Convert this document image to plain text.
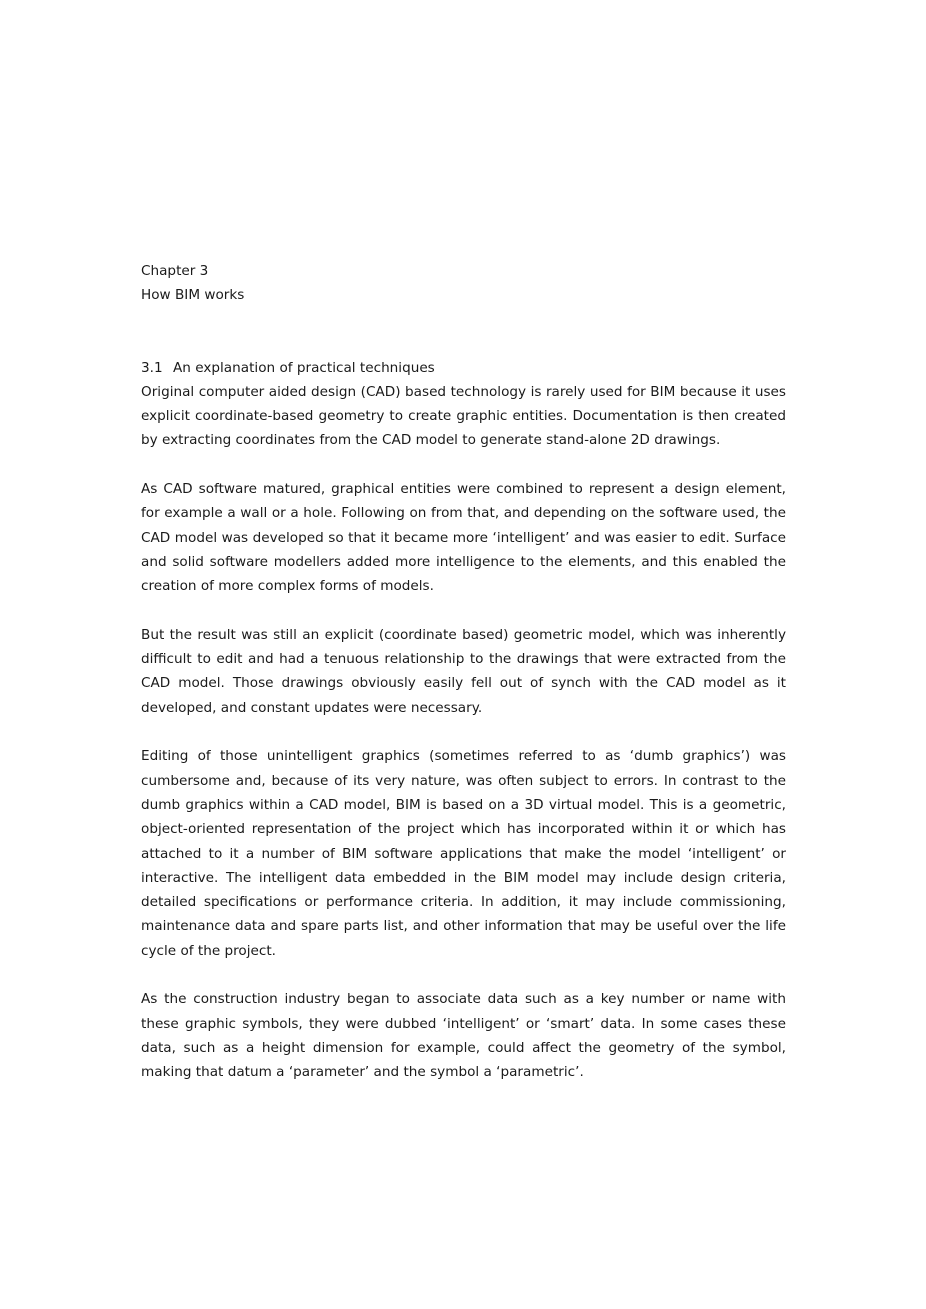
Chapter 3
How BIM works
3.1 An explanation of practical techniques

Original computer aided design (CAD) based technology is rarely used for BIM because it uses explicit coordinate-based geometry to create graphic entities. Documentation is then created by extracting coordinates from the CAD model to generate stand-alone 2D drawings.

As CAD software matured, graphical entities were combined to represent a design element, for example a wall or a hole. Following on from that, and depending on the software used, the CAD model was developed so that it became more ‘intelligent’ and was easier to edit. Surface and solid software modellers added more intelligence to the elements, and this enabled the creation of more complex forms of models.

But the result was still an explicit (coordinate based) geometric model, which was inherently difficult to edit and had a tenuous relationship to the drawings that were extracted from the CAD model. Those drawings obviously easily fell out of synch with the CAD model as it developed, and constant updates were necessary.

Editing of those unintelligent graphics (sometimes referred to as ‘dumb graphics’) was cumbersome and, because of its very nature, was often subject to errors. In contrast to the dumb graphics within a CAD model, BIM is based on a 3D virtual model. This is a geometric, object-oriented representation of the project which has incorporated within it or which has attached to it a number of BIM software applications that make the model ‘intelligent’ or interactive. The intelligent data embedded in the BIM model may include design criteria, detailed specifications or performance criteria. In addition, it may include commissioning, maintenance data and spare parts list, and other information that may be useful over the life cycle of the project.

As the construction industry began to associate data such as a key number or name with these graphic symbols, they were dubbed ‘intelligent’ or ‘smart’ data. In some cases these data, such as a height dimension for example, could affect the geometry of the symbol, making that datum a ‘parameter’ and the symbol a ‘parametric’.
